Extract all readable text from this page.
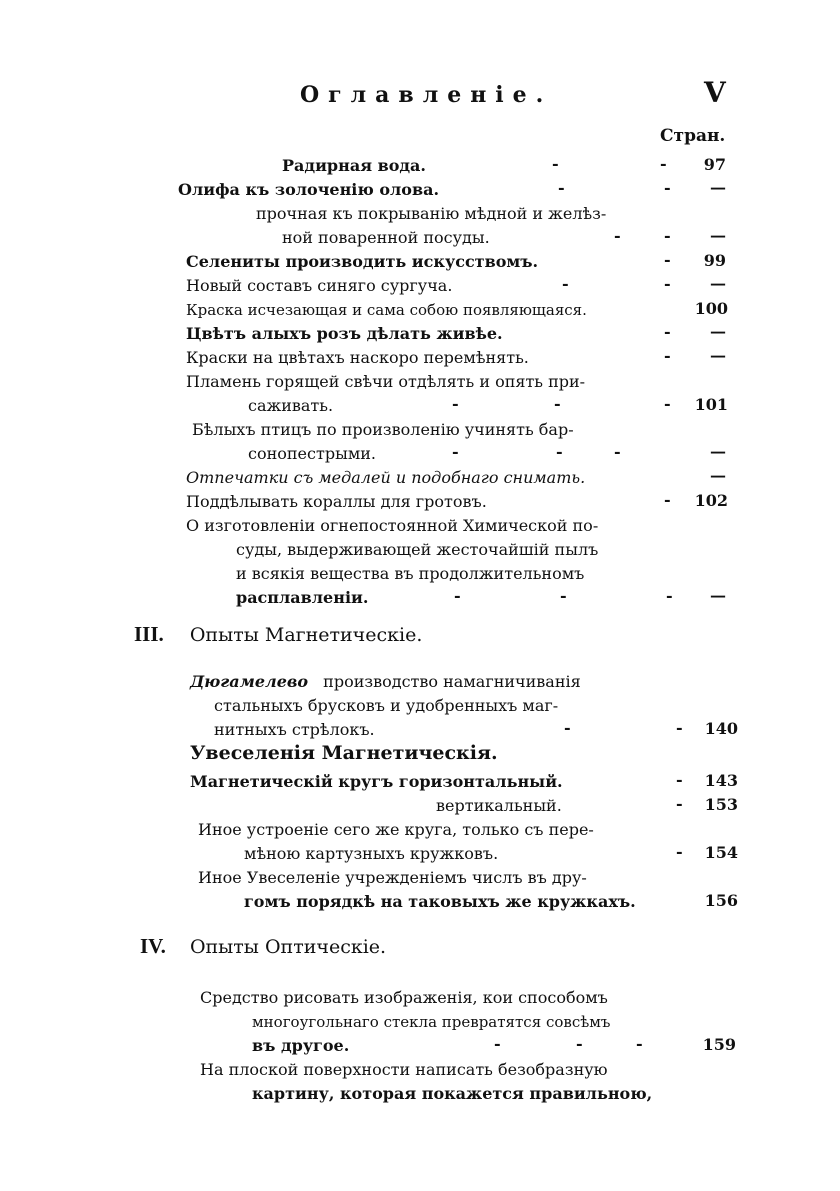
Оглавленіе.	V
Стран.
Радирная вода.	-	-	97
Олифа къ золоченію олова.	-	-	—
прочная къ покрыванію мѣдной и желѣз-
ной поваренной посуды.	-	-	—
Селениты производить искусствомъ.	-	99
Новый составъ синяго сургуча.	-	-	—
Краска исчезающая и сама собою появляющаяся.	100
Цвѣтъ алыхъ розъ дѣлать живѣе.	-	—
Краски на цвѣтахъ наскоро перемѣнять.	-	—
Пламень горящей свѣчи отдѣлять и опять при-
саживать.	-	-	-	101
Бѣлыхъ птицъ по произволенію учинять бар-
сонопестрыми.	-	-	-	—
Отпечатки съ медалей и подобнаго снимать.	—
Поддѣлывать кораллы для гротовъ.	-	102
О изготовленіи огнепостоянной Химической по-
суды, выдерживающей жесточайшій пылъ
и всякія вещества въ продолжительномъ
расплавленіи.	-	-	-	—
III. Опыты Магнетическіе.
Дюгамелево производство намагничиванія
стальныхъ брусковъ и удобренныхъ маг-
нитныхъ стрѣлокъ.	-	-	140
Увеселенія Магнетическія.
Магнетическій кругъ горизонтальный.	-	143
вертикальный.	-	153
Иное устроеніе сего же круга, только съ пере-
мѣною картузныхъ кружковъ.	-	154
Иное Увеселеніе учрежденіемъ числъ въ дру-
гомъ порядкѣ на таковыхъ же кружкахъ.	156
IV. Опыты Оптическіе.
Средство рисовать изображенія, кои способомъ
многоугольнаго стекла превратятся совсѣмъ
въ другое.	-	-	-	159
На плоской поверхности написать безобразную
картину, которая покажется правильною,
